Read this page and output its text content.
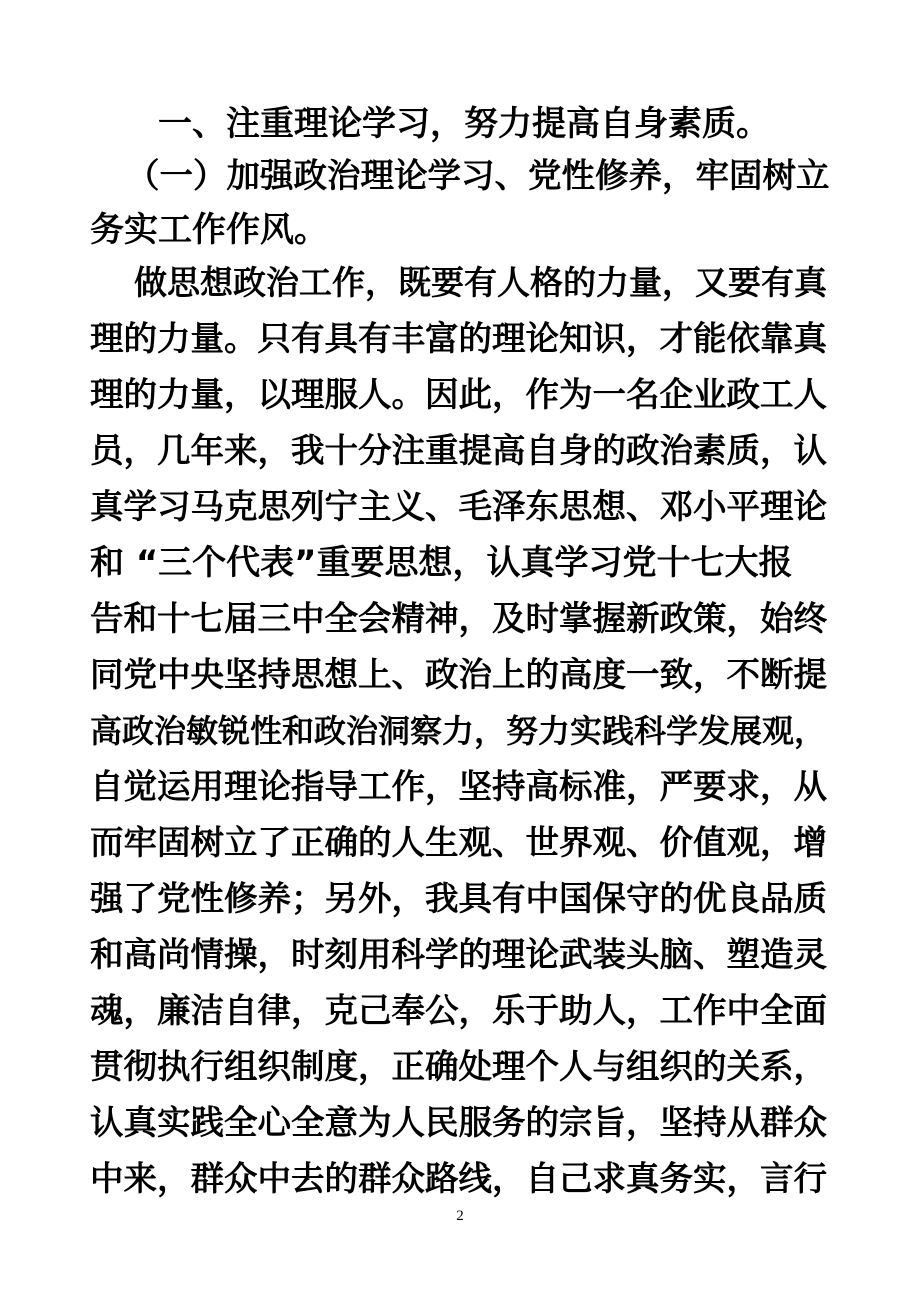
一、注重理论学习，努力提高自身素质。
（一）加强政治理论学习、党性修养，牢固树立
务实工作作风。
做思想政治工作，既要有人格的力量，又要有真
理的力量。只有具有丰富的理论知识，才能依靠真
理的力量，以理服人。因此，作为一名企业政工人
员，几年来，我十分注重提高自身的政治素质，认
真学习马克思列宁主义、毛泽东思想、邓小平理论
和 “三个代表”重要思想，认真学习党十七大报
告和十七届三中全会精神，及时掌握新政策，始终
同党中央坚持思想上、政治上的高度一致，不断提
高政治敏锐性和政治洞察力，努力实践科学发展观，
自觉运用理论指导工作，坚持高标准，严要求，从
而牢固树立了正确的人生观、世界观、价值观，增
强了党性修养；另外，我具有中国保守的优良品质
和高尚情操，时刻用科学的理论武装头脑、塑造灵
魂，廉洁自律，克己奉公，乐于助人，工作中全面
贯彻执行组织制度，正确处理个人与组织的关系，
认真实践全心全意为人民服务的宗旨，坚持从群众
中来，群众中去的群众路线，自己求真务实，言行
2
